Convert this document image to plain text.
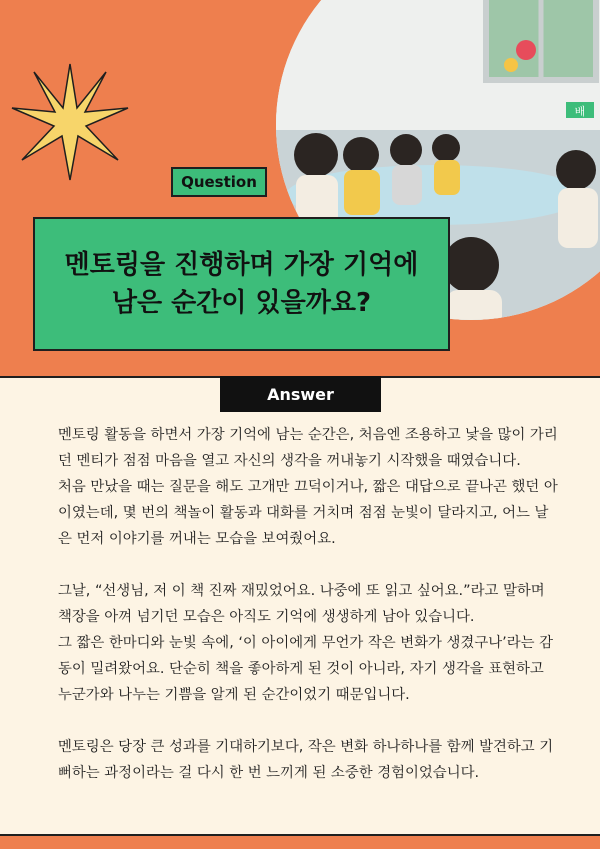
배
Question
멘토링을 진행하며 가장 기억에
남은 순간이 있을까요?
Answer

멘토링 활동을 하면서 가장 기억에 남는 순간은, 처음엔 조용하고 낯을 많이 가리던 멘티가 점점 마음을 열고 자신의 생각을 꺼내놓기 시작했을 때였습니다.

처음 만났을 때는 질문을 해도 고개만 끄덕이거나, 짧은 대답으로 끝나곤 했던 아이였는데, 몇 번의 책놀이 활동과 대화를 거치며 점점 눈빛이 달라지고, 어느 날은 먼저 이야기를 꺼내는 모습을 보여줬어요.

그날, “선생님, 저 이 책 진짜 재밌었어요. 나중에 또 읽고 싶어요.”라고 말하며 책장을 아껴 넘기던 모습은 아직도 기억에 생생하게 남아 있습니다.

그 짧은 한마디와 눈빛 속에, ‘이 아이에게 무언가 작은 변화가 생겼구나’라는 감동이 밀려왔어요. 단순히 책을 좋아하게 된 것이 아니라, 자기 생각을 표현하고 누군가와 나누는 기쁨을 알게 된 순간이었기 때문입니다.

멘토링은 당장 큰 성과를 기대하기보다, 작은 변화 하나하나를 함께 발견하고 기뻐하는 과정이라는 걸 다시 한 번 느끼게 된 소중한 경험이었습니다.
